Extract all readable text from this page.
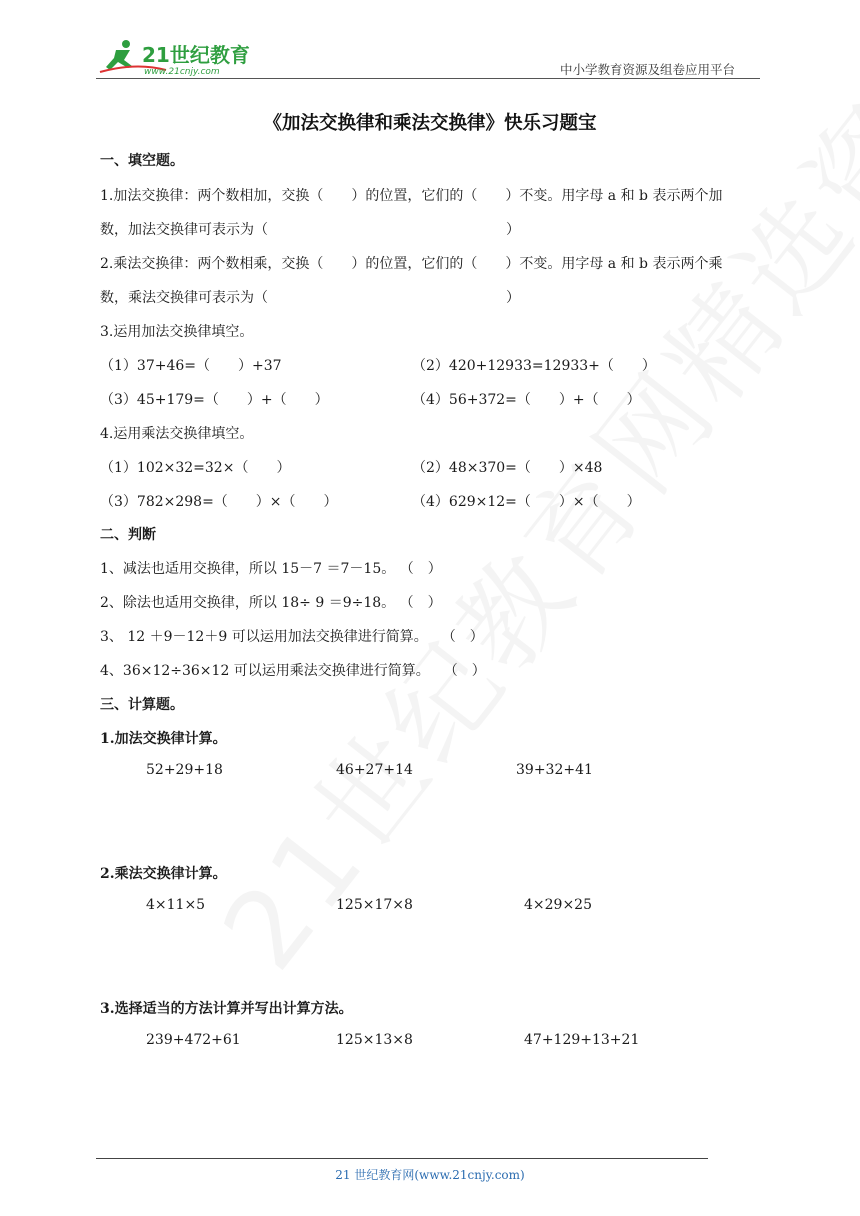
21世纪教育
www.21cnjy.com	中小学教育资源及组卷应用平台
《加法交换律和乘法交换律》快乐习题宝
一、填空题。
1.加法交换律：两个数相加，交换（　　）的位置，它们的（　　）不变。用字母 a 和 b 表示两个加
数，加法交换律可表示为（　　　　　　　　　　　　　　　　　）
2.乘法交换律：两个数相乘，交换（　　）的位置，它们的（　　）不变。用字母 a 和 b 表示两个乘
数，乘法交换律可表示为（　　　　　　　　　　　　　　　　　）
3.运用加法交换律填空。
（1）37+46=（　　）+37	（2）420+12933=12933+（　　）
（3）45+179=（　　）+（　　）	（4）56+372=（　　）+（　　）
4.运用乘法交换律填空。
（1）102×32=32×（　　）	（2）48×370=（　　）×48
（3）782×298=（　　）×（　　）	（4）629×12=（　　）×（　　）
二、判断
1、减法也适用交换律，所以 15－7 ＝7－15。 （　）
2、除法也适用交换律，所以 18÷ 9 ＝9÷18。 （　）
3、 12 ＋9－12＋9 可以运用加法交换律进行简算。　　（　）
4、36×12÷36×12 可以运用乘法交换律进行简算。　　（　）
三、计算题。
1.加法交换律计算。
52+29+18	46+27+14	39+32+41
2.乘法交换律计算。
4×11×5	125×17×8	4×29×25
3.选择适当的方法计算并写出计算方法。
239+472+61	125×13×8	47+129+13+21
21 世纪教育网(www.21cnjy.com)
